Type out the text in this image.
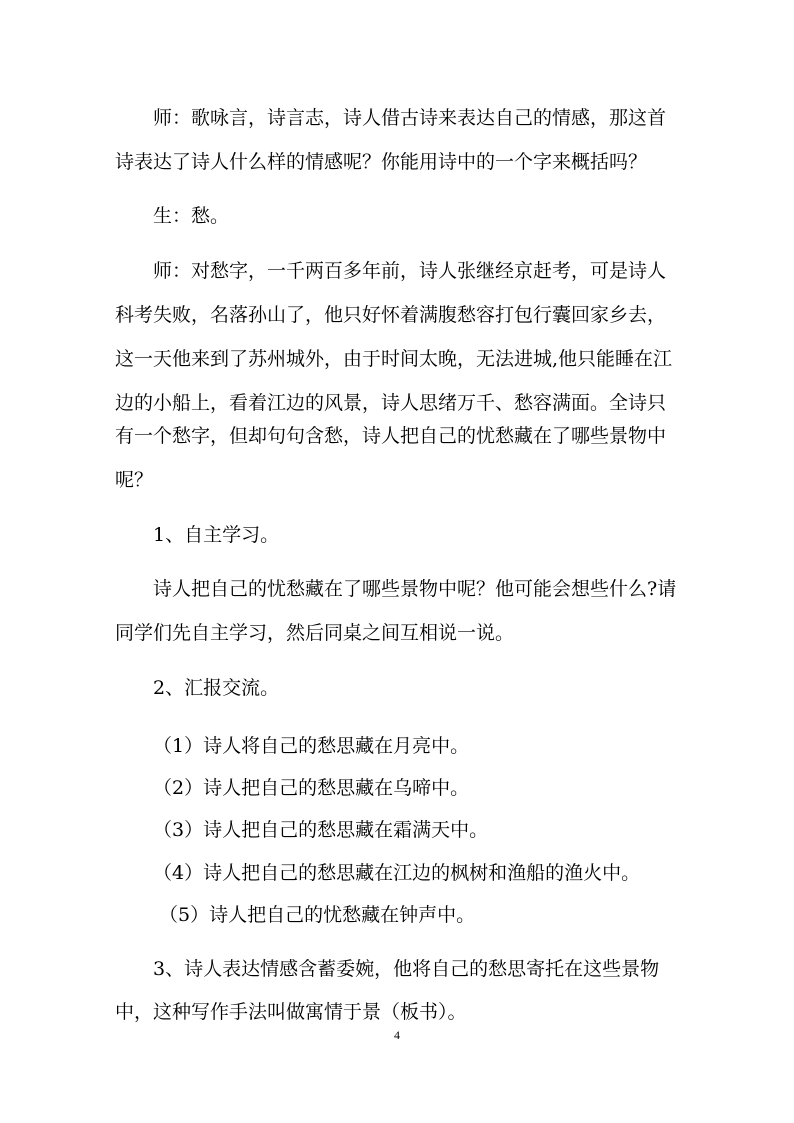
师：歌咏言，诗言志，诗人借古诗来表达自己的情感，那这首
诗表达了诗人什么样的情感呢？你能用诗中的一个字来概括吗？
生：愁。
师：对愁字，一千两百多年前，诗人张继经京赶考，可是诗人
科考失败，名落孙山了，他只好怀着满腹愁容打包行囊回家乡去，
这一天他来到了苏州城外，由于时间太晚，无法进城,他只能睡在江
边的小船上，看着江边的风景，诗人思绪万千、愁容满面。全诗只
有一个愁字，但却句句含愁，诗人把自己的忧愁藏在了哪些景物中
呢？
1、自主学习。
诗人把自己的忧愁藏在了哪些景物中呢？他可能会想些什么?请
同学们先自主学习，然后同桌之间互相说一说。
2、汇报交流。
（1）诗人将自己的愁思藏在月亮中。
（2）诗人把自己的愁思藏在乌啼中。
（3）诗人把自己的愁思藏在霜满天中。
（4）诗人把自己的愁思藏在江边的枫树和渔船的渔火中。
（5）诗人把自己的忧愁藏在钟声中。
3、诗人表达情感含蓄委婉，他将自己的愁思寄托在这些景物
中，这种写作手法叫做寓情于景（板书）。
4
